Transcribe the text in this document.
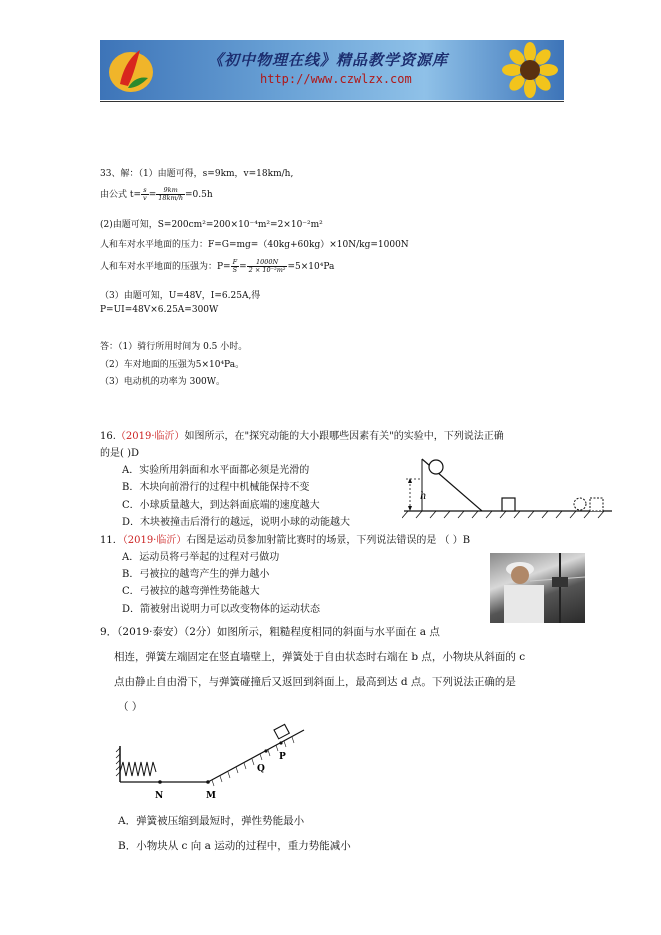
《初中物理在线》精品教学资源库
http://www.czwlzx.com
33、解：（1）由题可得，s=9km，v=18km/h,
由公式 $t= \frac{s}{v} = \frac{9km}{18km/h} =0.5h$
(2)由题可知，S=200cm²=200×10⁻⁴m²=2×10⁻²m²
人和车对水平地面的压力：F=G=mg=（40kg+60kg）×10N/kg=1000N
人和车对水平地面的压强为：$P= \frac{F}{S} = \frac{1000N}{\text{2 × 10⁻²m²}} =5\times 10^4Pa$
（3）由题可知，U=48V，I=6.25A,得
P=UI=48V×6.25A=300W
答：（1）骑行所用时间为 0.5 小时。
（2）车对地面的压强为5×10⁴Pa。
（3）电动机的功率为 300W。
16.（2019·临沂）如图所示，在"探究动能的大小跟哪些因素有关"的实验中，下列说法正确
的是( )D
A．实验所用斜面和水平面都必须是光滑的
B．木块向前滑行的过程中机械能保持不变
C．小球质量越大，到达斜面底端的速度越大
D．木块被撞击后滑行的越远，说明小球的动能越大
h
11．（2019·临沂）右图是运动员参加射箭比赛时的场景，下列说法错误的是 （ ）B
A．运动员将弓举起的过程对弓做功
B．弓被拉的越弯产生的弹力越小
C．弓被拉的越弯弹性势能越大
D．箭被射出说明力可以改变物体的运动状态
9．（2019·泰安）（2分）如图所示，粗糙程度相同的斜面与水平面在 a 点
相连，弹簧左端固定在竖直墙壁上，弹簧处于自由状态时右端在 b 点，小物块从斜面的 c
点由静止自由滑下，与弹簧碰撞后又返回到斜面上，最高到达 d 点。下列说法正确的是
（ ）
N	M
Q
P
A．弹簧被压缩到最短时，弹性势能最小
B．小物块从 c 向 a 运动的过程中，重力势能减小
